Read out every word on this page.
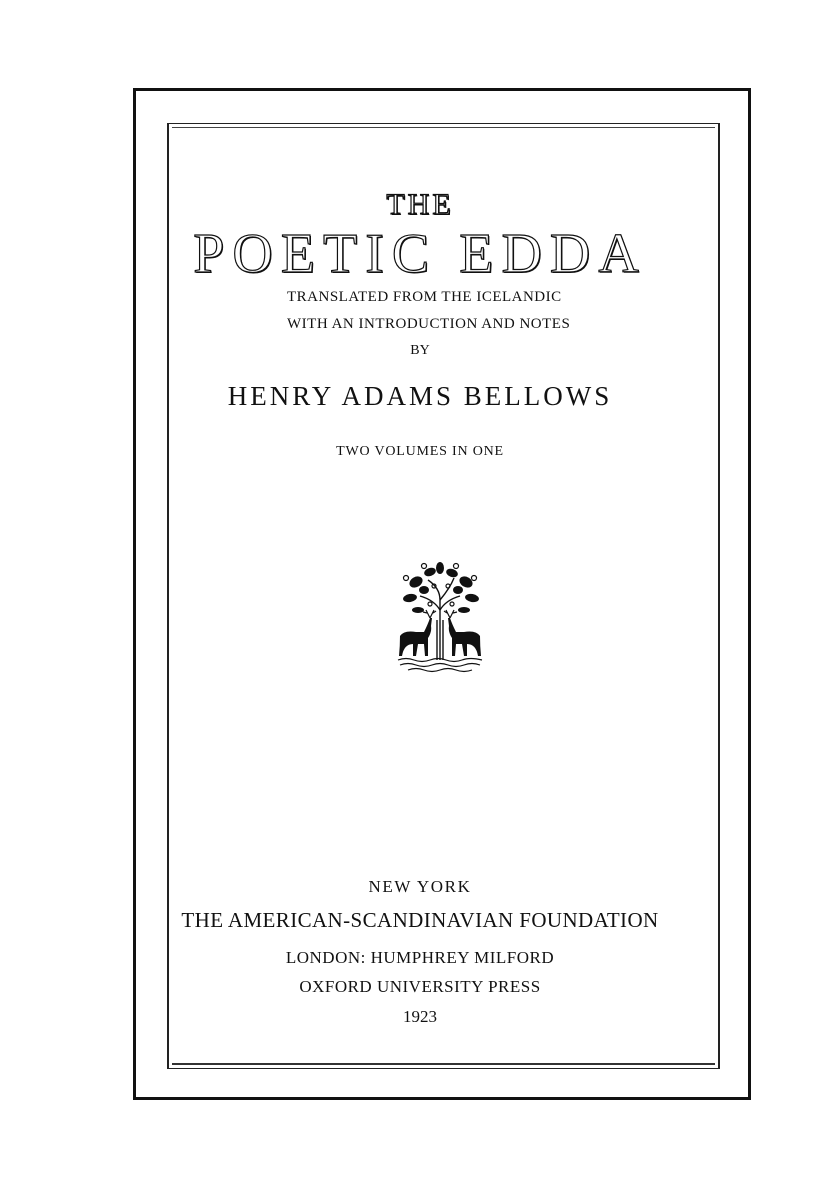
THE
POETIC EDDA
TRANSLATED FROM THE ICELANDIC
WITH AN INTRODUCTION AND NOTES
BY
HENRY ADAMS BELLOWS
TWO VOLUMES IN ONE
NEW YORK
THE AMERICAN-SCANDINAVIAN FOUNDATION
LONDON: HUMPHREY MILFORD
OXFORD UNIVERSITY PRESS
1923
